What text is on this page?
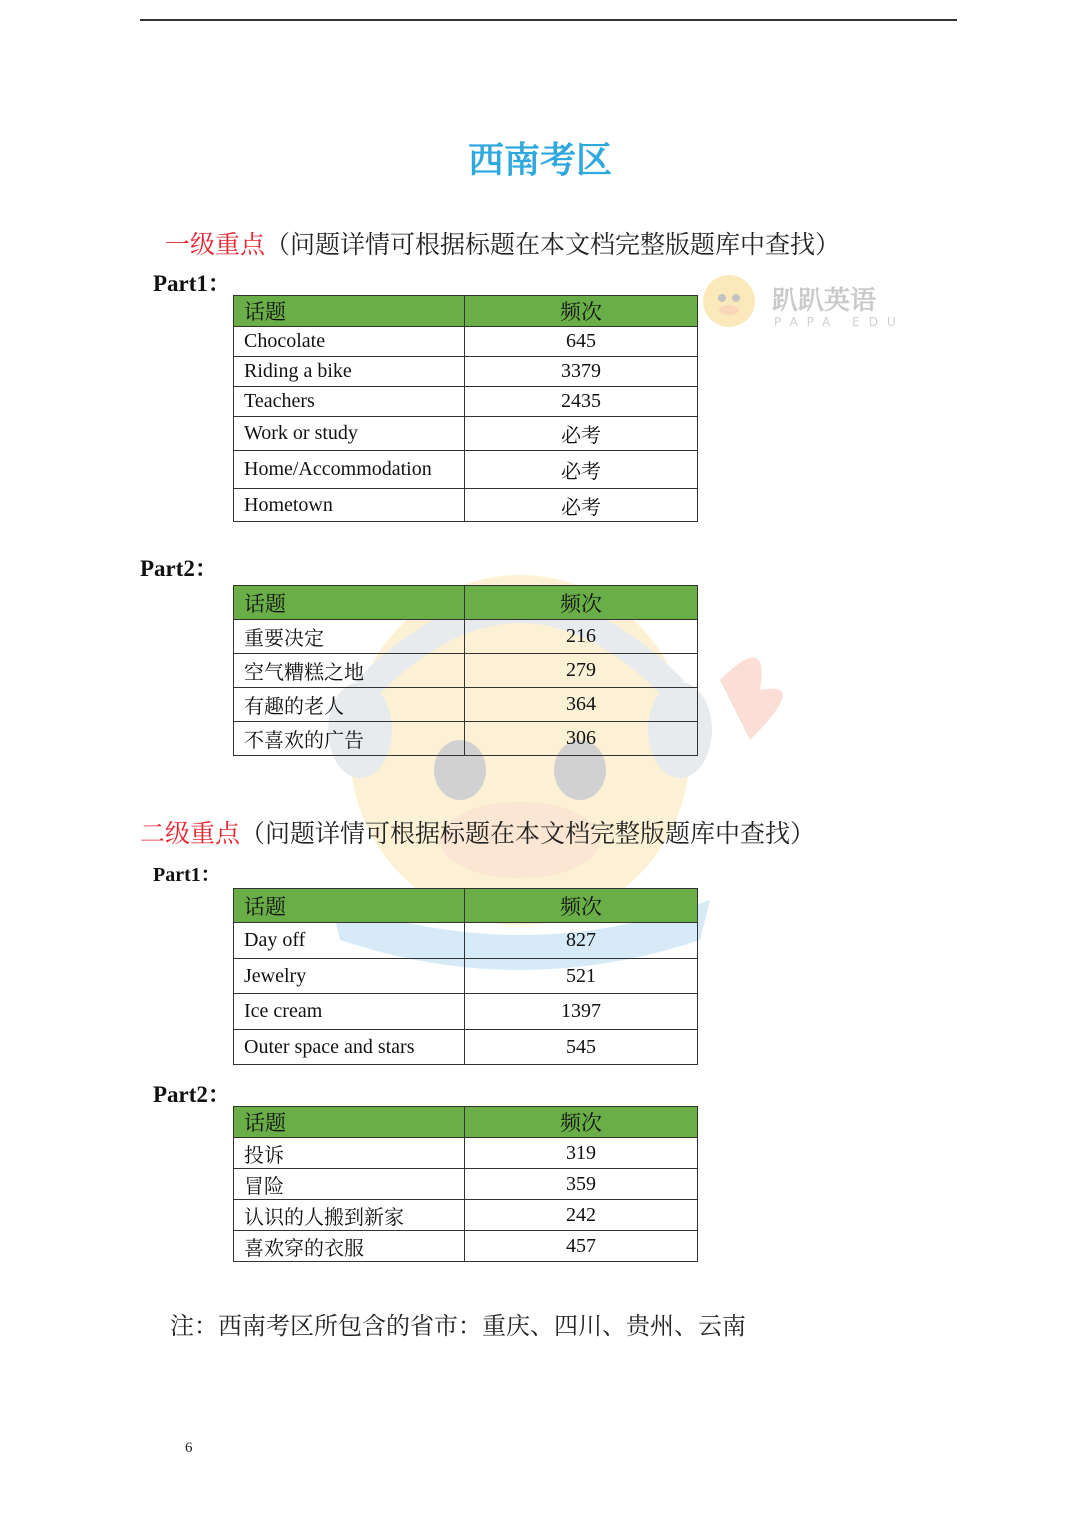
趴趴英语
PAPA EDU
西南考区
一级重点（问题详情可根据标题在本文档完整版题库中查找）
Part1：
话题	频次
Chocolate	645
Riding a bike	3379
Teachers	2435
Work or study	必考
Home/Accommodation	必考
Hometown	必考
Part2：
话题	频次
重要决定	216
空气糟糕之地	279
有趣的老人	364
不喜欢的广告	306
二级重点（问题详情可根据标题在本文档完整版题库中查找）
Part1：
话题	频次
Day off	827
Jewelry	521
Ice cream	1397
Outer space and stars	545
Part2：
话题	频次
投诉	319
冒险	359
认识的人搬到新家	242
喜欢穿的衣服	457
注：西南考区所包含的省市：重庆、四川、贵州、云南
6
